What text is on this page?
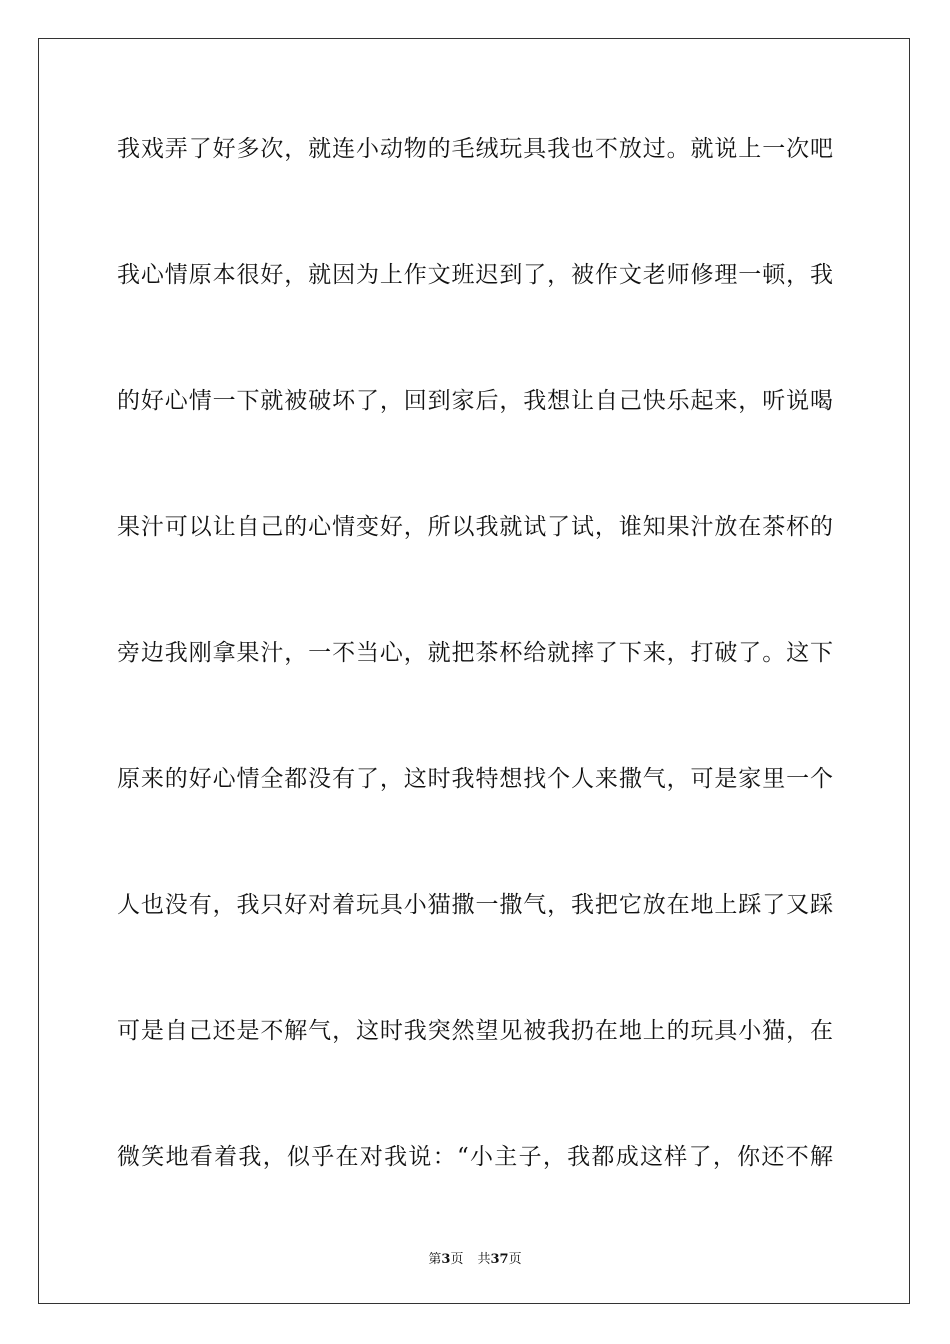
我戏弄了好多次，就连小动物的毛绒玩具我也不放过。就说上一次吧
我心情原本很好，就因为上作文班迟到了，被作文老师修理一顿，我
的好心情一下就被破坏了，回到家后，我想让自己快乐起来，听说喝
果汁可以让自己的心情变好，所以我就试了试，谁知果汁放在茶杯的
旁边我刚拿果汁，一不当心，就把茶杯给就摔了下来，打破了。这下
原来的好心情全都没有了，这时我特想找个人来撒气，可是家里一个
人也没有，我只好对着玩具小猫撒一撒气，我把它放在地上踩了又踩
可是自己还是不解气，这时我突然望见被我扔在地上的玩具小猫，在
微笑地看着我，似乎在对我说：“小主子，我都成这样了，你还不解
第3页 共37页
